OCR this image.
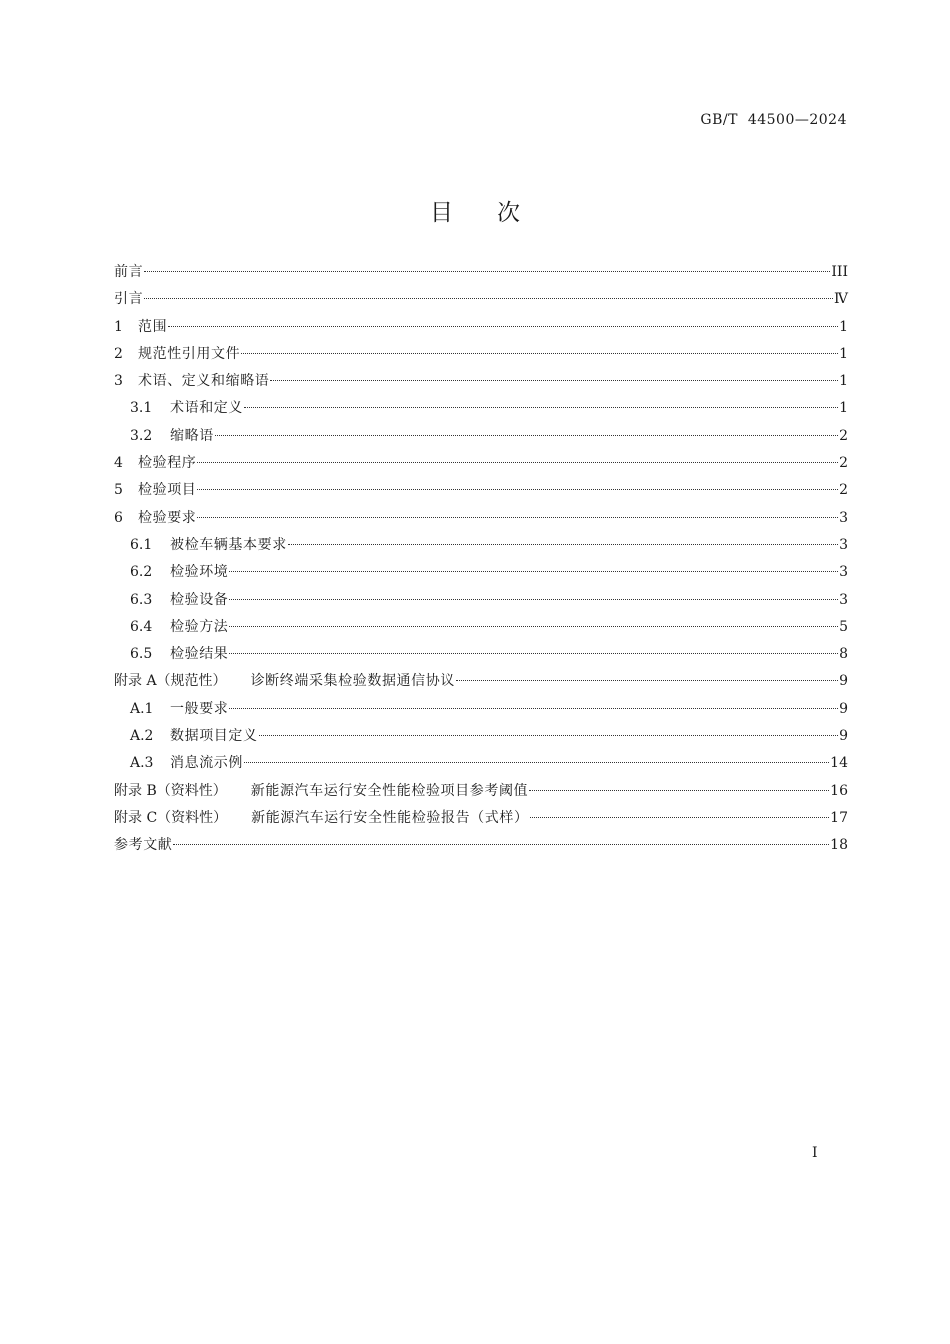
GB/T  44500—2024
目次
前言	III
引言	Ⅳ
1	范围	1
2	规范性引用文件	1
3	术语、定义和缩略语	1
3.1	术语和定义	1
3.2	缩略语	2
4	检验程序	2
5	检验项目	2
6	检验要求	3
6.1	被检车辆基本要求	3
6.2	检验环境	3
6.3	检验设备	3
6.4	检验方法	5
6.5	检验结果	8
附录 A（规范性） 诊断终端采集检验数据通信协议	9
A.1	一般要求	9
A.2	数据项目定义	9
A.3	消息流示例	14
附录 B（资料性） 新能源汽车运行安全性能检验项目参考阈值	16
附录 C（资料性） 新能源汽车运行安全性能检验报告（式样）	17
参考文献	18
I
